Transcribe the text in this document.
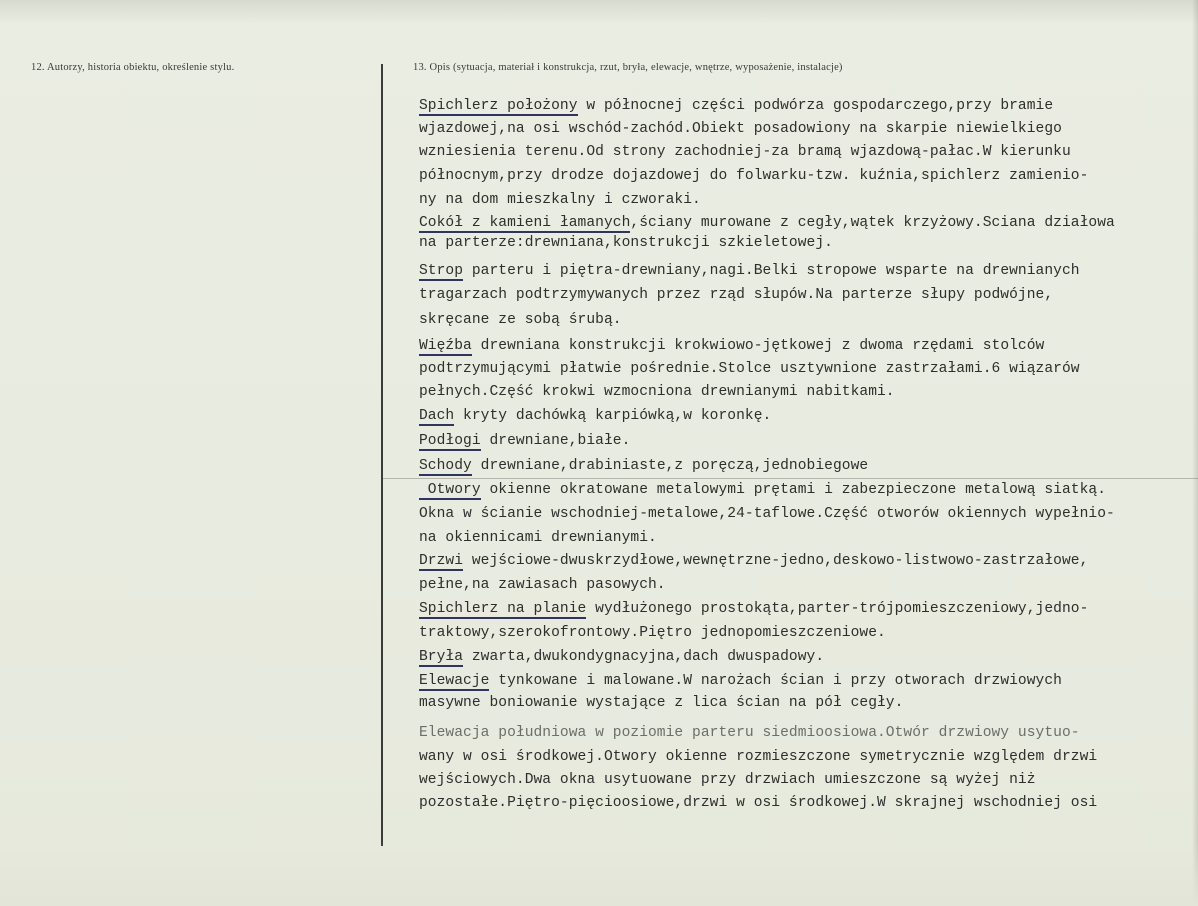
12. Autorzy, historia obiektu, określenie stylu.	13. Opis (sytuacja, materiał i konstrukcja, rzut, bryła, elewacje, wnętrze, wyposażenie, instalacje)
Spichlerz położony w północnej części podwórza gospodarczego,przy bramie
wjazdowej,na osi wschód-zachód.Obiekt posadowiony na skarpie niewielkiego
wzniesienia terenu.Od strony zachodniej-za bramą wjazdową-pałac.W kierunku
północnym,przy drodze dojazdowej do folwarku-tzw. kuźnia,spichlerz zamienio-
ny na dom mieszkalny i czworaki.
Cokół z kamieni łamanych,ściany murowane z cegły,wątek krzyżowy.Sciana działowa
na parterze:drewniana,konstrukcji szkieletowej.
Strop parteru i piętra-drewniany,nagi.Belki stropowe wsparte na drewnianych
tragarzach podtrzymywanych przez rząd słupów.Na parterze słupy podwójne,
skręcane ze sobą śrubą.
Więźba drewniana konstrukcji krokwiowo-jętkowej z dwoma rzędami stolców
podtrzymującymi płatwie pośrednie.Stolce usztywnione zastrzałami.6 wiązarów
pełnych.Część krokwi wzmocniona drewnianymi nabitkami.
Dach kryty dachówką karpiówką,w koronkę.
Podłogi drewniane,białe.
Schody drewniane,drabiniaste,z poręczą,jednobiegowe
Otwory okienne okratowane metalowymi prętami i zabezpieczone metalową siatką.
Okna w ścianie wschodniej-metalowe,24-taflowe.Część otworów okiennych wypełnio-
na okiennicami drewnianymi.
Drzwi wejściowe-dwuskrzydłowe,wewnętrzne-jedno,deskowo-listwowo-zastrzałowe,
pełne,na zawiasach pasowych.
Spichlerz na planie wydłużonego prostokąta,parter-trójpomieszczeniowy,jedno-
traktowy,szerokofrontowy.Piętro jednopomieszczeniowe.
Bryła zwarta,dwukondygnacyjna,dach dwuspadowy.
Elewacje tynkowane i malowane.W narożach ścian i przy otworach drzwiowych
masywne boniowanie wystające z lica ścian na pół cegły.
Elewacja południowa w poziomie parteru siedmioosiowa.Otwór drzwiowy usytuo-
wany w osi środkowej.Otwory okienne rozmieszczone symetrycznie względem drzwi
wejściowych.Dwa okna usytuowane przy drzwiach umieszczone są wyżej niż
pozostałe.Piętro-pięcioosiowe,drzwi w osi środkowej.W skrajnej wschodniej osi
